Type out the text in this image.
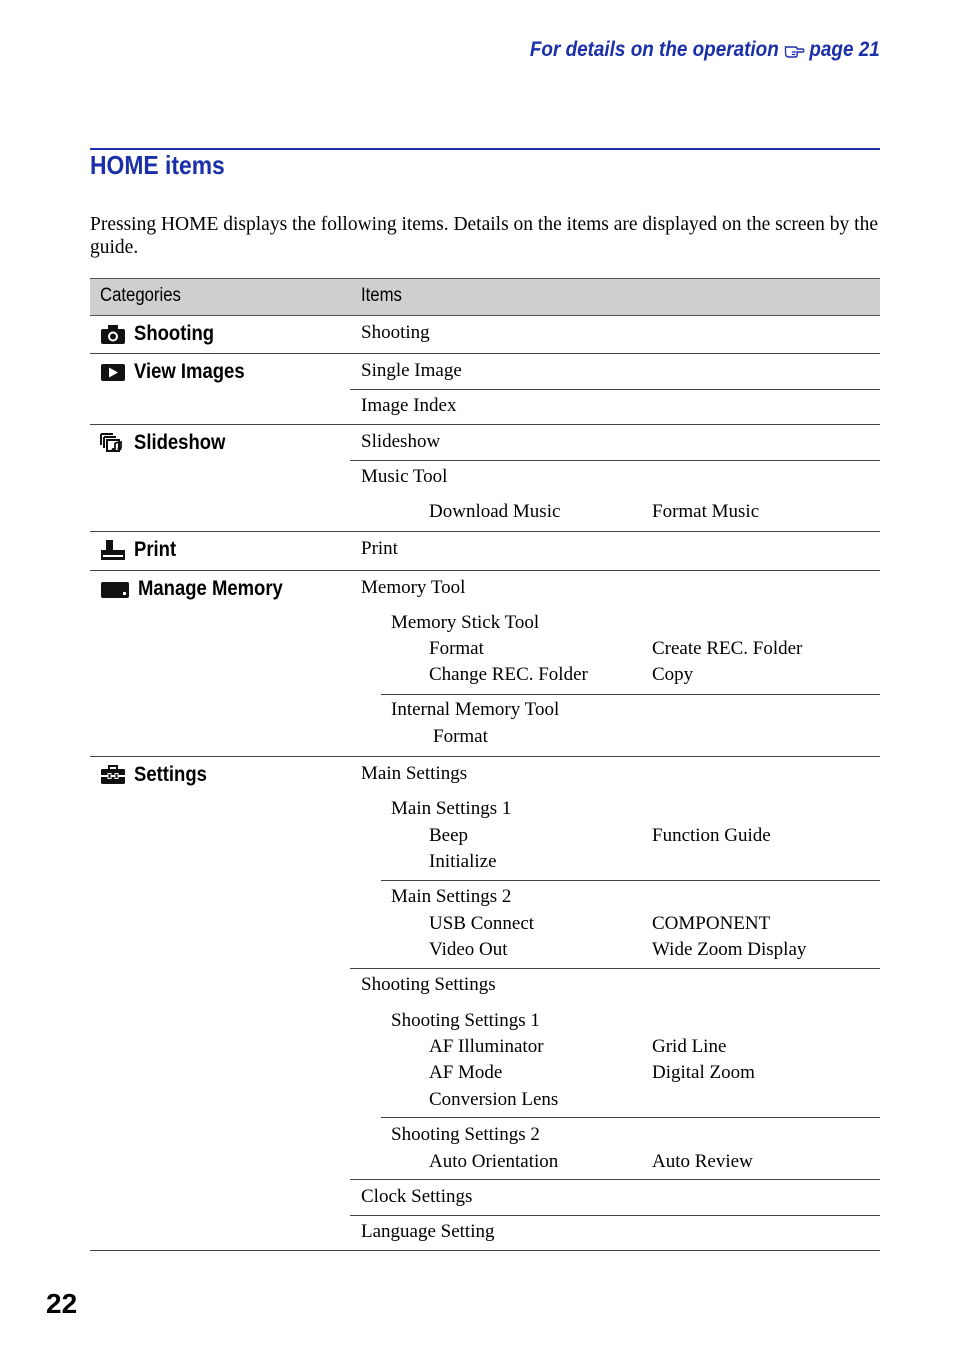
For details on the operation page 21
HOME items
Pressing HOME displays the following items. Details on the items are displayed on the screen by the guide.
Categories	Items
Shooting	Shooting
View Images	Single Image
Image Index
Slideshow	Slideshow
Music Tool
Download Music	Format Music
Print	Print
Manage Memory	Memory Tool
Memory Stick Tool
Format	Create REC. Folder
Change REC. Folder	Copy
Internal Memory Tool
Format
Settings	Main Settings
Main Settings 1
Beep	Function Guide
Initialize
Main Settings 2
USB Connect	COMPONENT
Video Out	Wide Zoom Display
Shooting Settings
Shooting Settings 1
AF Illuminator	Grid Line
AF Mode	Digital Zoom
Conversion Lens
Shooting Settings 2
Auto Orientation	Auto Review
Clock Settings
Language Setting
22
